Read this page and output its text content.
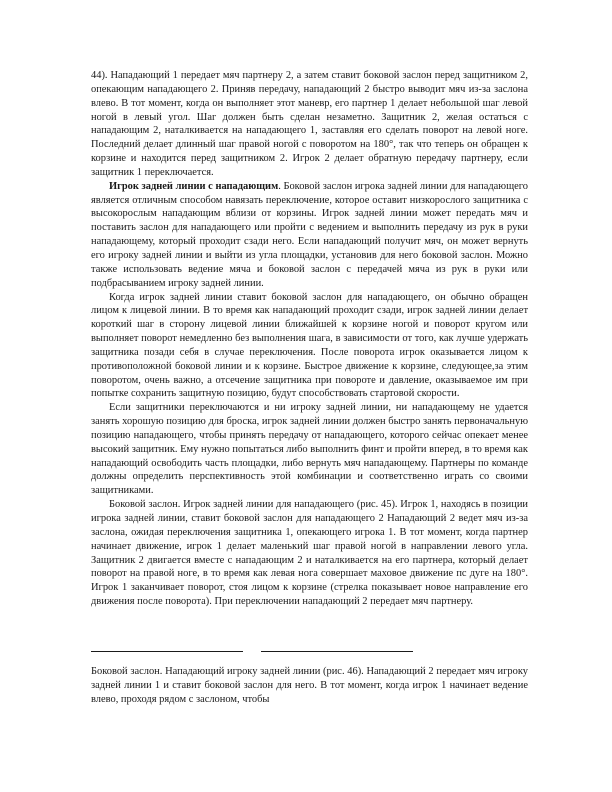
44). Нападающий 1 передает мяч партнеру 2, а затем ставит боковой заслон перед защитником 2, опекающим нападающего 2. Приняв передачу, нападающий 2 быстро выводит мяч из-за заслона влево. В тот момент, когда он выполняет этот маневр, его партнер 1 делает небольшой шаг левой ногой в левый угол. Шаг должен быть сделан незаметно. Защитник 2, желая остаться с нападающим 2, наталкивается на нападающего 1, заставляя его сделать поворот на левой ноге. Последний делает длинный шаг правой ногой с поворотом на 180°, так что теперь он обращен к корзине и находится перед защитником 2. Игрок 2 делает обратную передачу партнеру, если защитник 1 переключается.

Игрок задней линии с нападающим. Боковой заслон игрока задней линии для нападающего является отличным способом навязать переключение, которое оставит низкорослого защитника с высокорослым нападающим вблизи от корзины. Игрок задней линии может передать мяч и поставить заслон для нападающего или пройти с ведением и выполнить передачу из рук в руки нападающему, который проходит сзади него. Если нападающий получит мяч, он может вернуть его игроку задней линии и выйти из угла площадки, установив для него боковой заслон. Можно также использовать ведение мяча и боковой заслон с передачей мяча из рук в руки или подбрасыванием игроку задней линии.

Когда игрок задней линии ставит боковой заслон для нападающего, он обычно обращен лицом к лицевой линии. В то время как нападающий проходит сзади, игрок задней линии делает короткий шаг в сторону лицевой линии ближайшей к корзине ногой и поворот кругом или выполняет поворот немедленно без выполнения шага, в зависимости от того, как лучше удержать защитника позади себя в случае переключения. После поворота игрок оказывается лицом к противоположной боковой линии и к корзине. Быстрое движение к корзине, следующее,за этим поворотом, очень важно, а отсечение защитника при повороте и давление, оказываемое им при попытке сохранить защитную позицию, будут способствовать стартовой скорости.

Если защитники переключаются и ни игроку задней линии, ни нападающему не удается занять хорошую позицию для броска, игрок задней линии должен быстро занять первоначальную позицию нападающего, чтобы принять передачу от нападающего, которого сейчас опекает менее высокий защитник. Ему нужно попытаться либо выполнить финт и пройти вперед, в то время как нападающий освободить часть площадки, либо вернуть мяч нападающему. Партнеры по команде должны определить перспективность этой комбинации и соответственно играть со своими защитниками.

Боковой заслон. Игрок задней линии для нападающего (рис. 45). Игрок 1, находясь в позиции игрока задней линии, ставит боковой заслон для нападающего 2 Нападающий 2 ведет мяч из-за заслона, ожидая переключения защитника 1, опекающего игрока 1. В тот момент, когда партнер начинает движение, игрок 1 делает маленький шаг правой ногой в направлении левого угла. Защитник 2 двигается вместе с нападающим 2 и наталкивается на его партнера, который делает поворот на правой ноге, в то время как левая нога совершает маховое движение пс дуге на 180°. Игрок 1 заканчивает поворот, стоя лицом к корзине (стрелка показывает новое направление его движения после поворота). При переключении нападающий 2 передает мяч партнеру.

Боковой заслон. Нападающий игроку задней линии (рис. 46). Нападающий 2 передает мяч игроку задней линии 1 и ставит боковой заслон для него. В тот момент, когда игрок 1 начинает ведение влево, проходя рядом с заслоном, чтобы
